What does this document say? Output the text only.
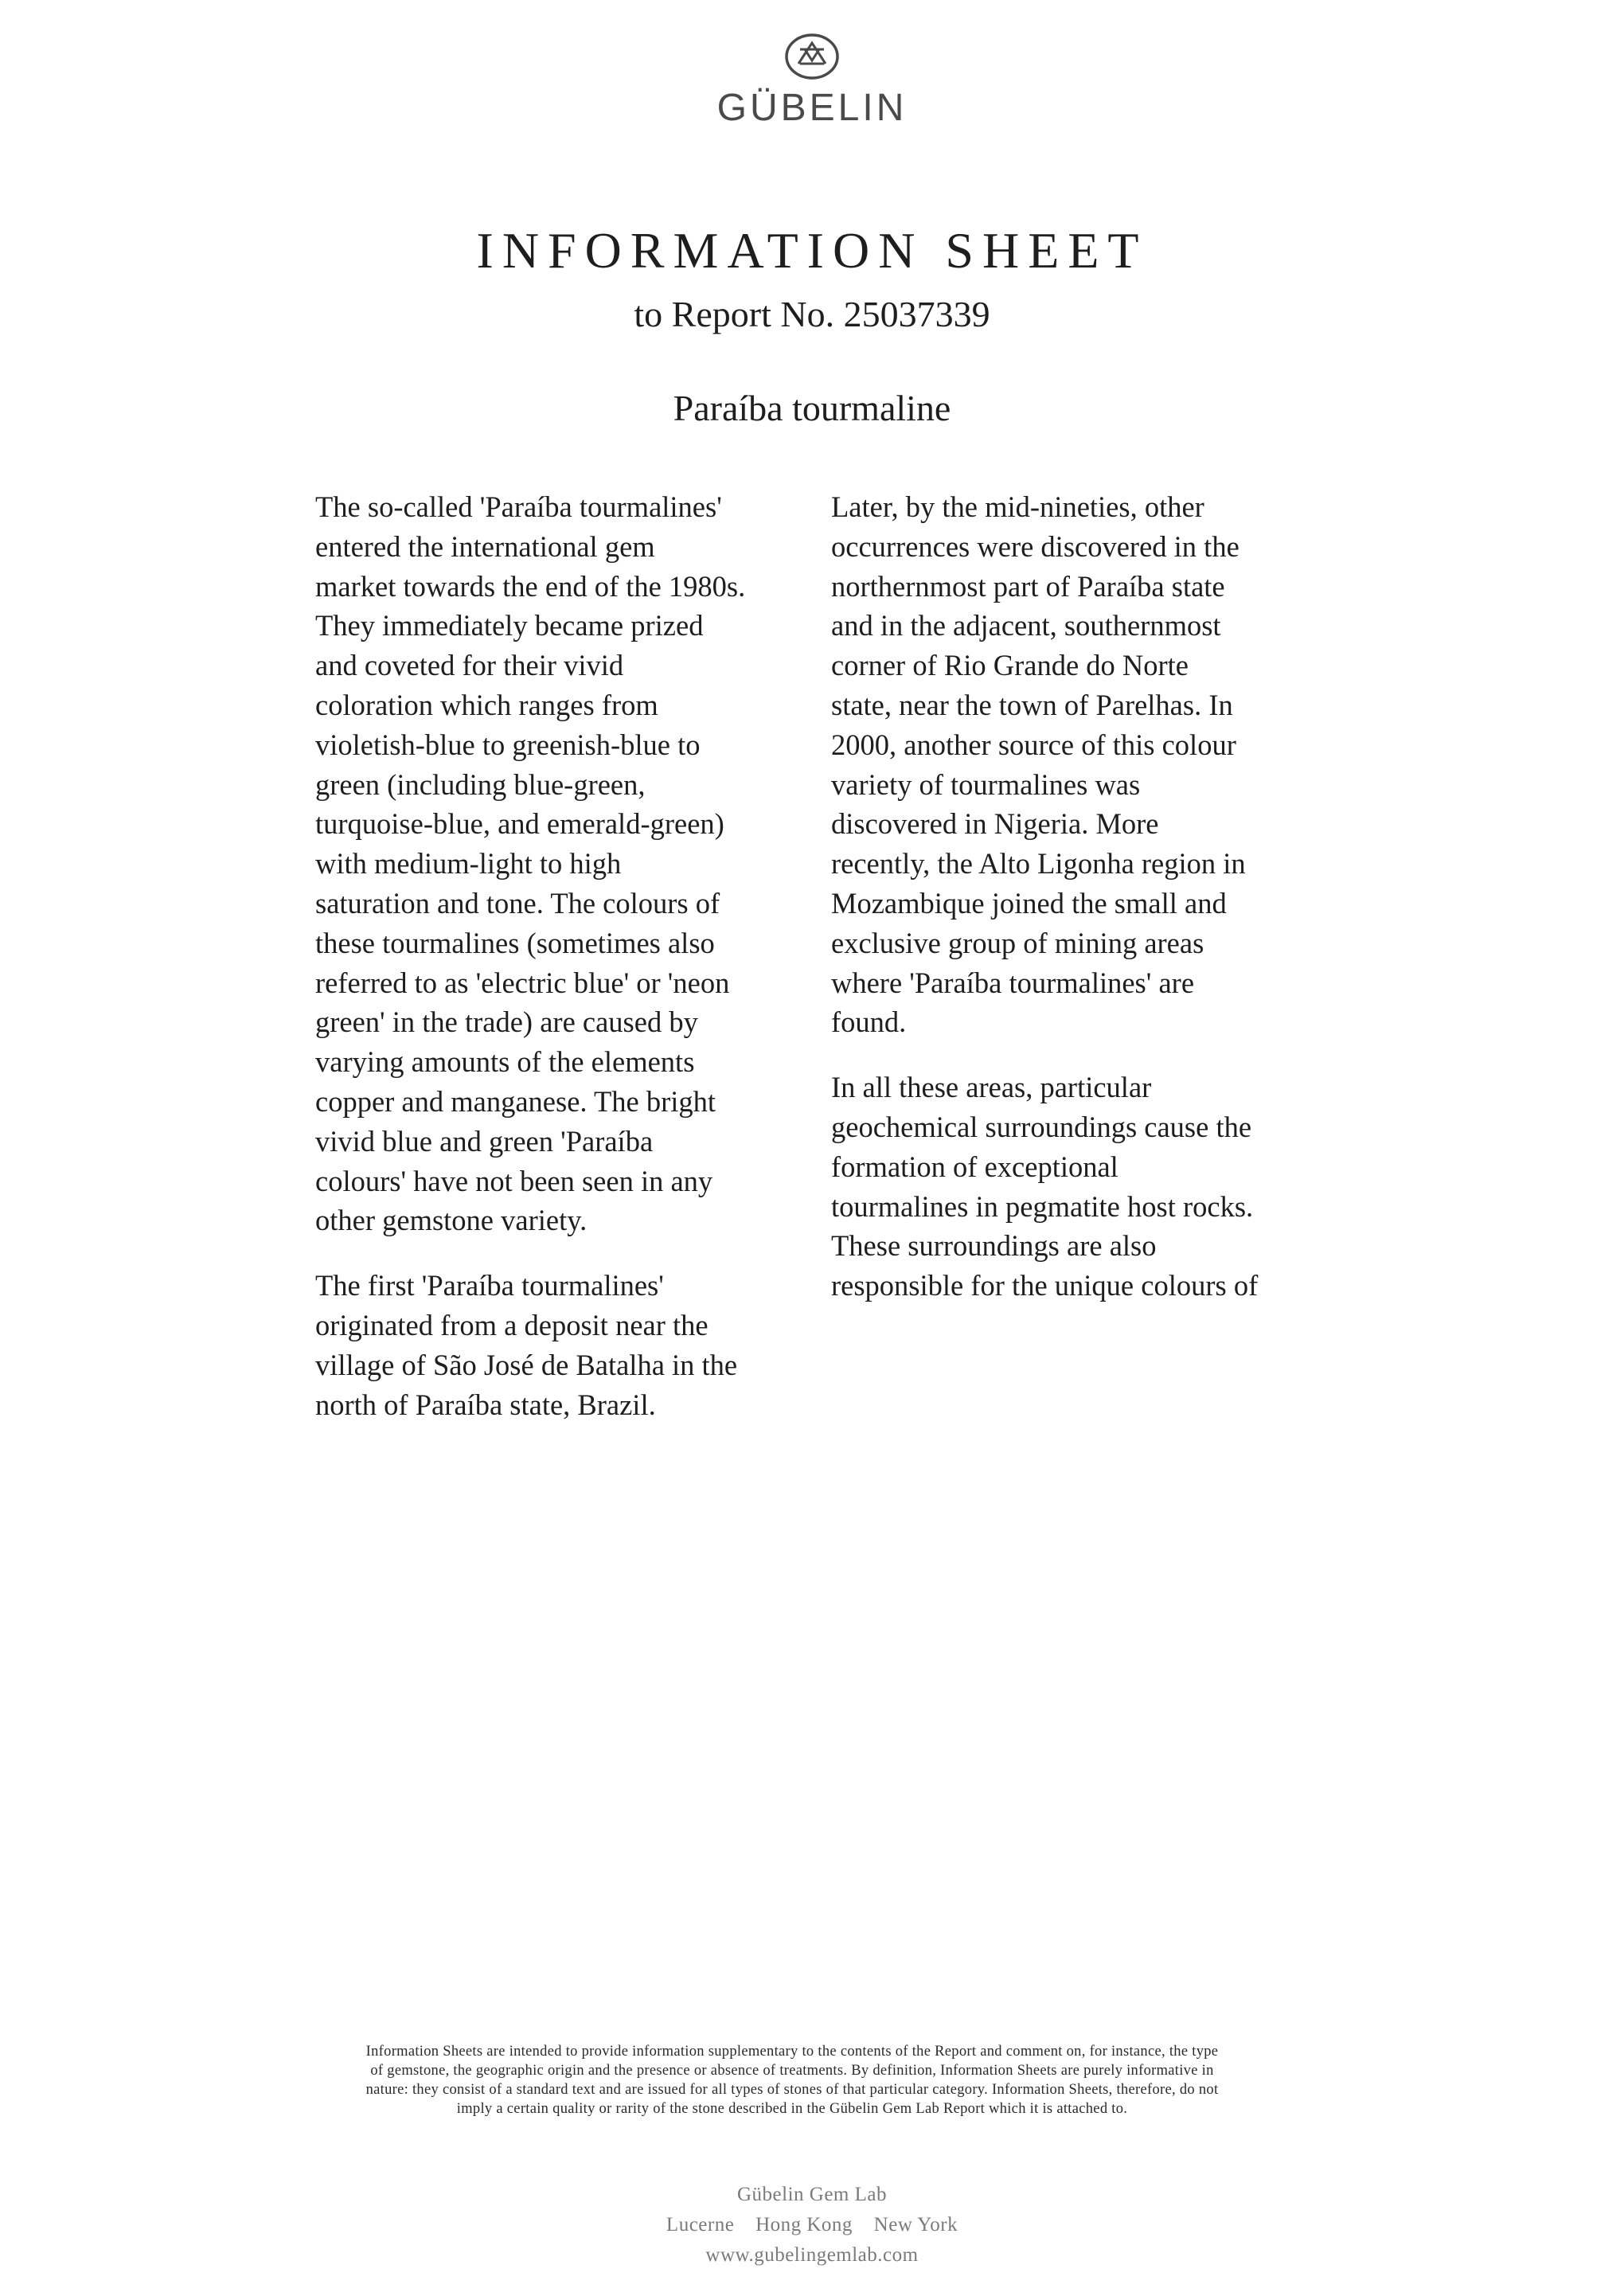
GÜBELIN
INFORMATION SHEET
to Report No. 25037339
Paraíba tourmaline

The so-called 'Paraíba tourmalines'
entered the international gem
market towards the end of the 1980s.
They immediately became prized
and coveted for their vivid
coloration which ranges from
violetish-blue to greenish-blue to
green (including blue-green,
turquoise-blue, and emerald-green)
with medium-light to high
saturation and tone. The colours of
these tourmalines (sometimes also
referred to as 'electric blue' or 'neon
green' in the trade) are caused by
varying amounts of the elements
copper and manganese. The bright
vivid blue and green 'Paraíba
colours' have not been seen in any
other gemstone variety.

The first 'Paraíba tourmalines'
originated from a deposit near the
village of São José de Batalha in the
north of Paraíba state, Brazil.

Later, by the mid-nineties, other
occurrences were discovered in the
northernmost part of Paraíba state
and in the adjacent, southernmost
corner of Rio Grande do Norte
state, near the town of Parelhas. In
2000, another source of this colour
variety of tourmalines was
discovered in Nigeria. More
recently, the Alto Ligonha region in
Mozambique joined the small and
exclusive group of mining areas
where 'Paraíba tourmalines' are
found.

In all these areas, particular
geochemical surroundings cause the
formation of exceptional
tourmalines in pegmatite host rocks.
These surroundings are also
responsible for the unique colours of

Information Sheets are intended to provide information supplementary to the contents of the Report and comment on, for instance, the type
of gemstone, the geographic origin and the presence or absence of treatments. By definition, Information Sheets are purely informative in
nature: they consist of a standard text and are issued for all types of stones of that particular category. Information Sheets, therefore, do not
imply a certain quality or rarity of the stone described in the Gübelin Gem Lab Report which it is attached to.
Gübelin Gem Lab
Lucerne Hong Kong New York
www.gubelingemlab.com
